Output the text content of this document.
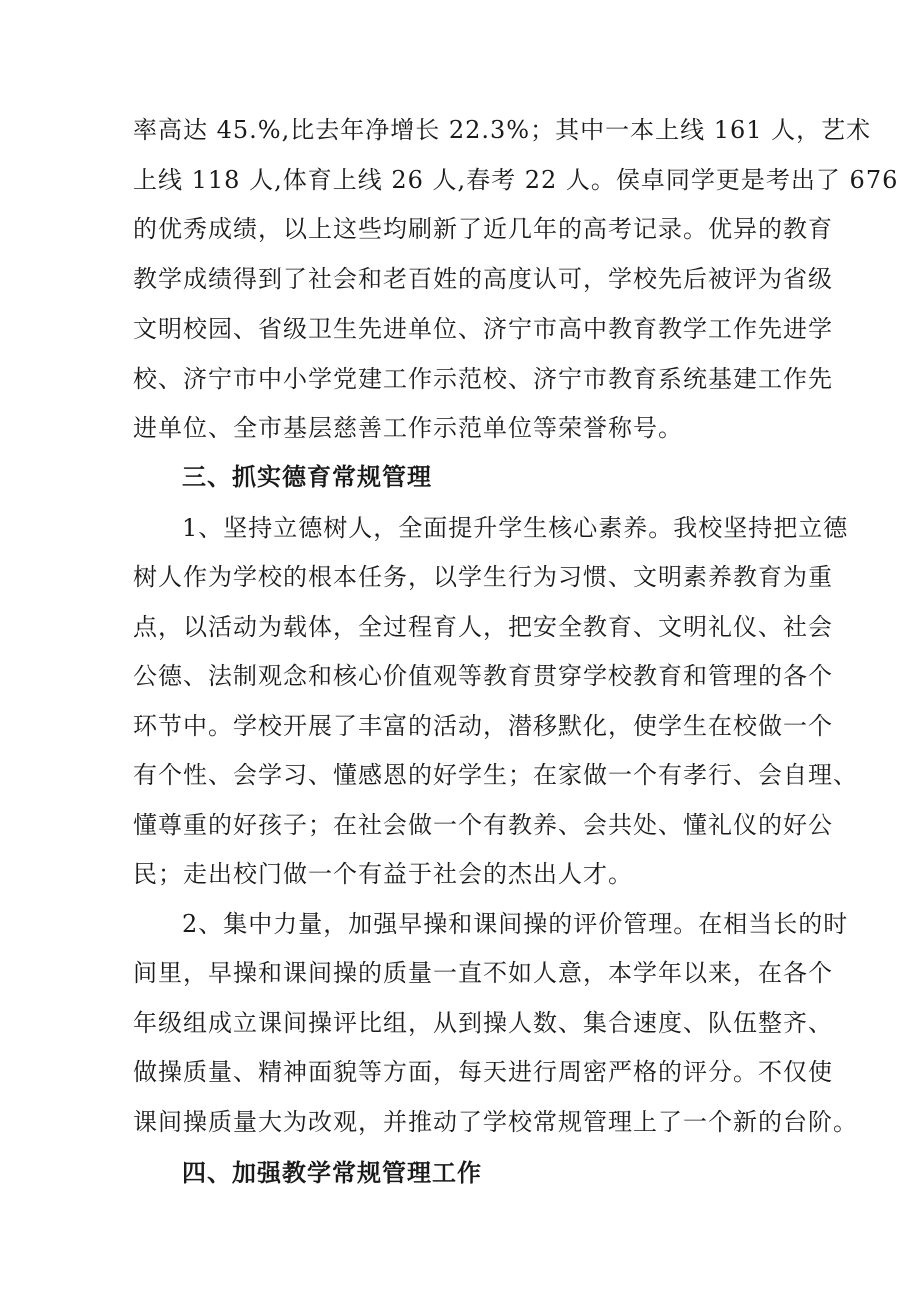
率高达 45.%,比去年净增长 22.3%；其中一本上线 161 人，艺术
上线 118 人,体育上线 26 人,春考 22 人。侯卓同学更是考出了 676
的优秀成绩，以上这些均刷新了近几年的高考记录。优异的教育
教学成绩得到了社会和老百姓的高度认可，学校先后被评为省级
文明校园、省级卫生先进单位、济宁市高中教育教学工作先进学
校、济宁市中小学党建工作示范校、济宁市教育系统基建工作先
进单位、全市基层慈善工作示范单位等荣誉称号。
三、抓实德育常规管理
1、坚持立德树人，全面提升学生核心素养。我校坚持把立德
树人作为学校的根本任务，以学生行为习惯、文明素养教育为重
点，以活动为载体，全过程育人，把安全教育、文明礼仪、社会
公德、法制观念和核心价值观等教育贯穿学校教育和管理的各个
环节中。学校开展了丰富的活动，潜移默化，使学生在校做一个
有个性、会学习、懂感恩的好学生；在家做一个有孝行、会自理、
懂尊重的好孩子；在社会做一个有教养、会共处、懂礼仪的好公
民；走出校门做一个有益于社会的杰出人才。
2、集中力量，加强早操和课间操的评价管理。在相当长的时
间里，早操和课间操的质量一直不如人意，本学年以来，在各个
年级组成立课间操评比组，从到操人数、集合速度、队伍整齐、
做操质量、精神面貌等方面，每天进行周密严格的评分。不仅使
课间操质量大为改观，并推动了学校常规管理上了一个新的台阶。
四、加强教学常规管理工作
